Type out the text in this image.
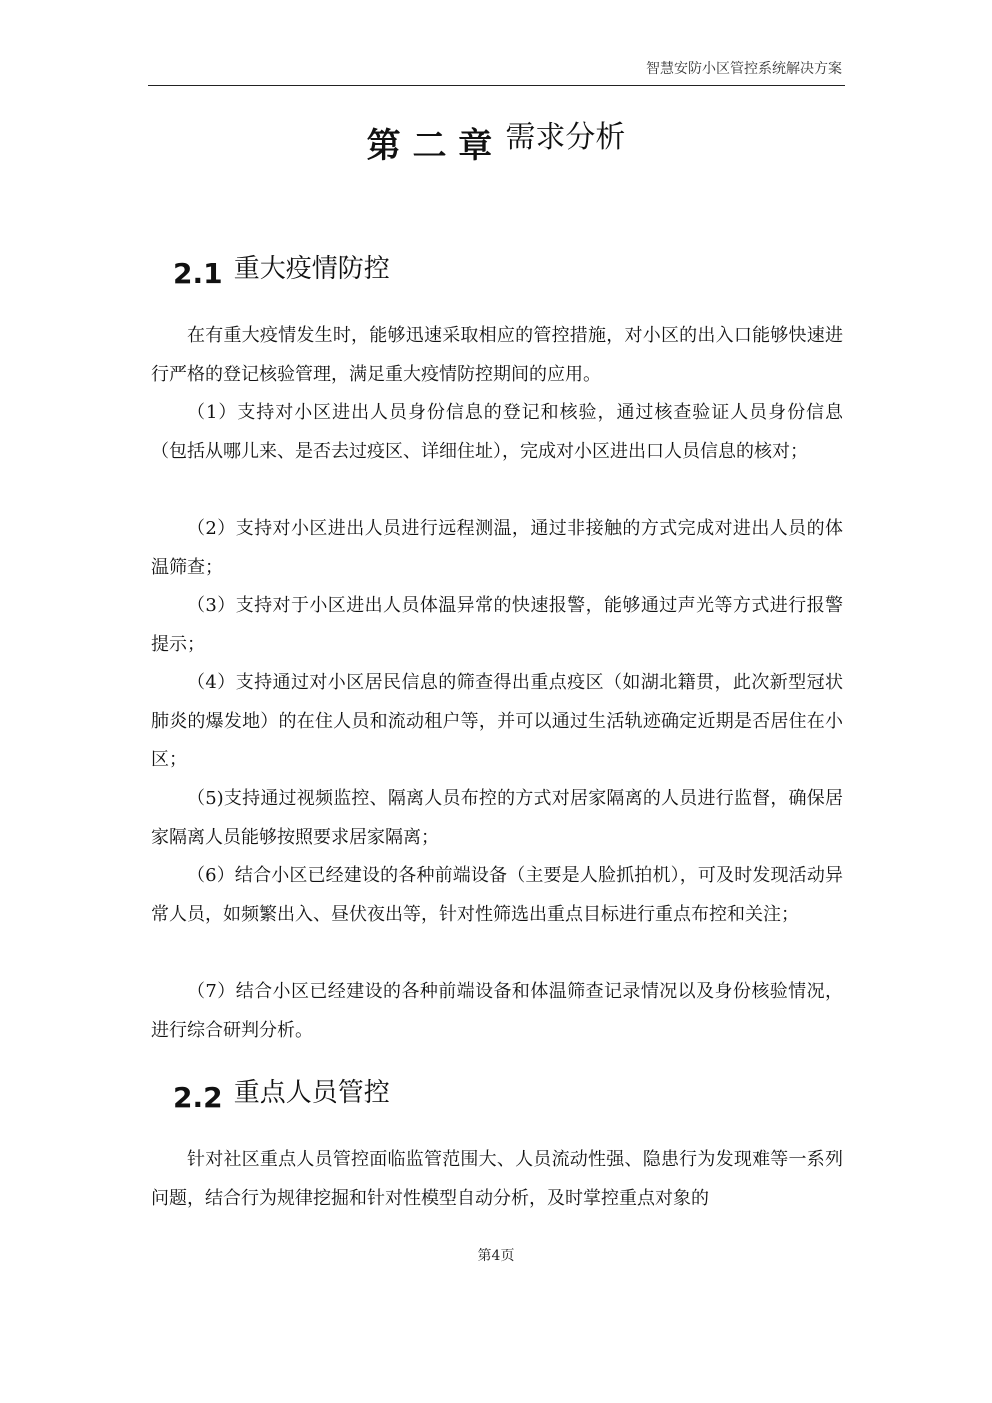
智慧安防小区管控系统解决方案
第 二 章 需求分析
2.1 重大疫情防控

在有重大疫情发生时，能够迅速采取相应的管控措施，对小区的出入口能够快速进行严格的登记核验管理，满足重大疫情防控期间的应用。

（1）支持对小区进出人员身份信息的登记和核验，通过核查验证人员身份信息（包括从哪儿来、是否去过疫区、详细住址），完成对小区进出口人员信息的核对；

（2）支持对小区进出人员进行远程测温，通过非接触的方式完成对进出人员的体温筛查；

（3）支持对于小区进出人员体温异常的快速报警，能够通过声光等方式进行报警提示；

（4）支持通过对小区居民信息的筛查得出重点疫区（如湖北籍贯，此次新型冠状肺炎的爆发地）的在住人员和流动租户等，并可以通过生活轨迹确定近期是否居住在小区；

（5)支持通过视频监控、隔离人员布控的方式对居家隔离的人员进行监督，确保居家隔离人员能够按照要求居家隔离；

（6）结合小区已经建设的各种前端设备（主要是人脸抓拍机），可及时发现活动异常人员，如频繁出入、昼伏夜出等，针对性筛选出重点目标进行重点布控和关注；

（7）结合小区已经建设的各种前端设备和体温筛查记录情况以及身份核验情况，进行综合研判分析。

2.2 重点人员管控

针对社区重点人员管控面临监管范围大、人员流动性强、隐患行为发现难等一系列问题，结合行为规律挖掘和针对性模型自动分析，及时掌控重点对象的

第4页
